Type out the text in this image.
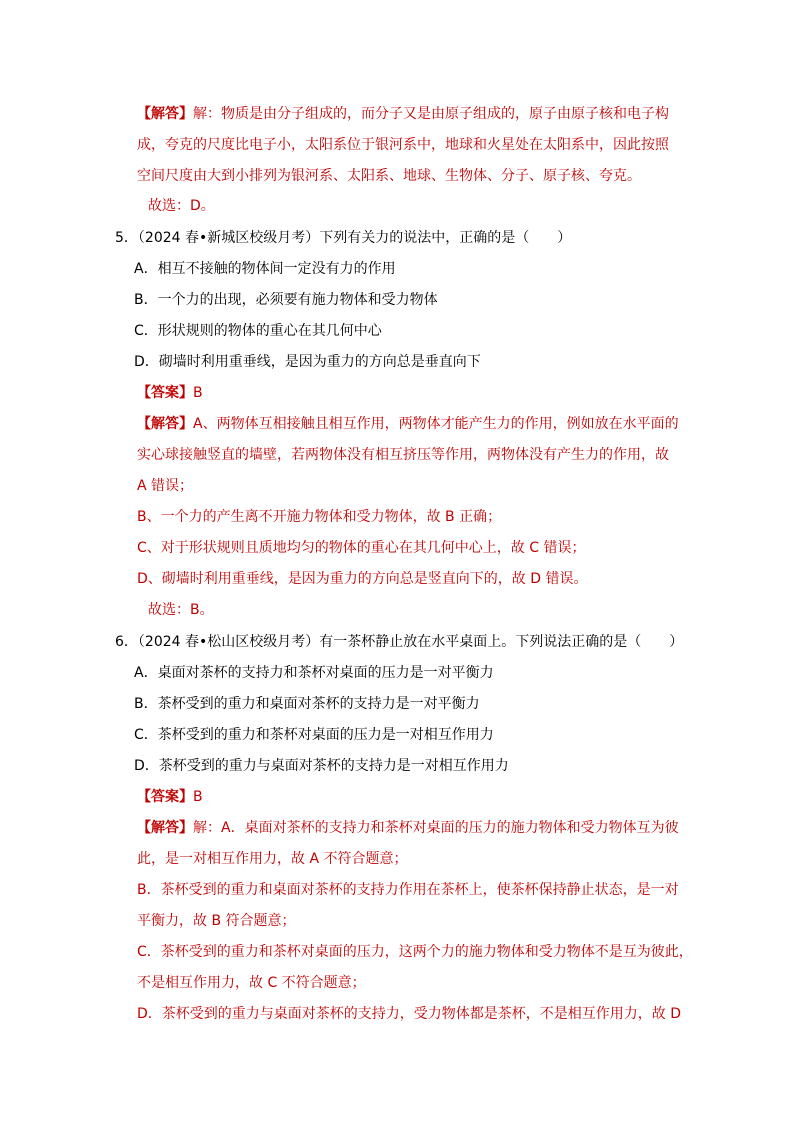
【解答】解：物质是由分子组成的，而分子又是由原子组成的，原子由原子核和电子构
成，夸克的尺度比电子小，太阳系位于银河系中，地球和火星处在太阳系中，因此按照
空间尺度由大到小排列为银河系、太阳系、地球、生物体、分子、原子核、夸克。
故选：D。
5．（2024 春•新城区校级月考）下列有关力的说法中，正确的是（　　）
A．相互不接触的物体间一定没有力的作用
B．一个力的出现，必须要有施力物体和受力物体
C．形状规则的物体的重心在其几何中心
D．砌墙时利用重垂线，是因为重力的方向总是垂直向下
【答案】B
【解答】A、两物体互相接触且相互作用，两物体才能产生力的作用，例如放在水平面的
实心球接触竖直的墙壁，若两物体没有相互挤压等作用，两物体没有产生力的作用，故
A 错误；
B、一个力的产生离不开施力物体和受力物体，故 B 正确；
C、对于形状规则且质地均匀的物体的重心在其几何中心上，故 C 错误；
D、砌墙时利用重垂线，是因为重力的方向总是竖直向下的，故 D 错误。
故选：B。
6．（2024 春•松山区校级月考）有一茶杯静止放在水平桌面上。下列说法正确的是（　　）
A．桌面对茶杯的支持力和茶杯对桌面的压力是一对平衡力
B．茶杯受到的重力和桌面对茶杯的支持力是一对平衡力
C．茶杯受到的重力和茶杯对桌面的压力是一对相互作用力
D．茶杯受到的重力与桌面对茶杯的支持力是一对相互作用力
【答案】B
【解答】解：A．桌面对茶杯的支持力和茶杯对桌面的压力的施力物体和受力物体互为彼
此，是一对相互作用力，故 A 不符合题意；
B．茶杯受到的重力和桌面对茶杯的支持力作用在茶杯上，使茶杯保持静止状态，是一对
平衡力，故 B 符合题意；
C．茶杯受到的重力和茶杯对桌面的压力，这两个力的施力物体和受力物体不是互为彼此，
不是相互作用力，故 C 不符合题意；
D．茶杯受到的重力与桌面对茶杯的支持力，受力物体都是茶杯，不是相互作用力，故 D
